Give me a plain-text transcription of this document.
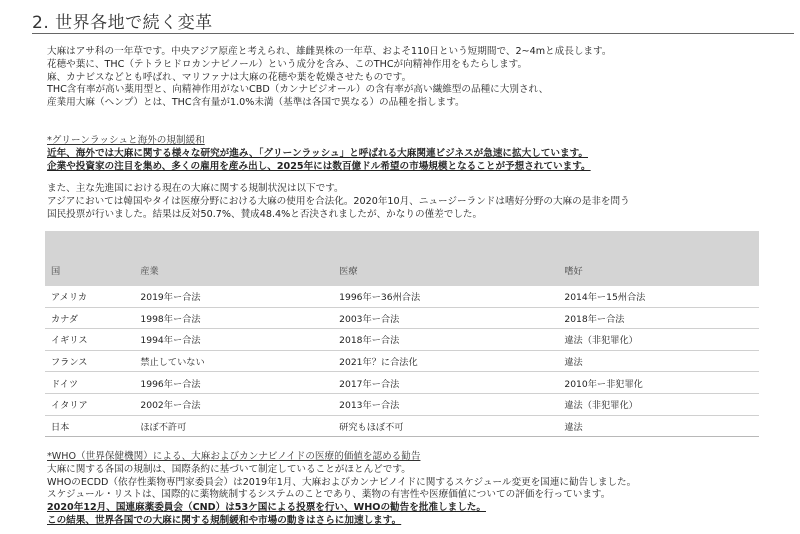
2. 世界各地で続く変革
大麻はアサ科の一年草です。中央アジア原産と考えられ、雄雌異株の一年草、およそ110日という短期間で、2~4mと成長します。
花穂や葉に、THC（テトラヒドロカンナビノール）という成分を含み、このTHCが向精神作用をもたらします。
麻、カナビスなどとも呼ばれ、マリファナは大麻の花穂や葉を乾燥させたものです。
THC含有率が高い薬用型と、向精神作用がないCBD（カンナビジオール）の含有率が高い繊維型の品種に大別され、
産業用大麻（ヘンプ）とは、THC含有量が1.0%未満（基準は各国で異なる）の品種を指します。
*グリーンラッシュと海外の規制緩和
近年、海外では大麻に関する様々な研究が進み、「グリーンラッシュ」と呼ばれる大麻関連ビジネスが急速に拡大しています。
企業や投資家の注目を集め、多くの雇用を産み出し、2025年には数百億ドル希望の市場規模となることが予想されています。
また、主な先進国における現在の大麻に関する規制状況は以下です。
アジアにおいては韓国やタイは医療分野における大麻の使用を合法化。2020年10月、ニュージーランドは嗜好分野の大麻の是非を問う
国民投票が行いました。結果は反対50.7%、賛成48.4%と否決されましたが、かなりの僅差でした。
国	産業	医療	嗜好
アメリカ	2019年ー合法	1996年ー36州合法	2014年ー15州合法
カナダ	1998年ー合法	2003年ー合法	2018年ー合法
イギリス	1994年ー合法	2018年ー合法	違法（非犯罪化）
フランス	禁止していない	2021年？に合法化	違法
ドイツ	1996年ー合法	2017年ー合法	2010年ー非犯罪化
イタリア	2002年ー合法	2013年ー合法	違法（非犯罪化）
日本	ほぼ不許可	研究もほぼ不可	違法
*WHO（世界保健機関）による、大麻およびカンナビノイドの医療的価値を認める勧告
大麻に関する各国の規制は、国際条約に基づいて制定していることがほとんどです。
WHOのECDD（依存性薬物専門家委員会）は2019年1月、大麻およびカンナビノイドに関するスケジュール変更を国連に勧告しました。
スケジュール・リストは、国際的に薬物統制するシステムのことであり、薬物の有害性や医療価値についての評価を行っています。
2020年12月、国連麻薬委員会（CND）は53ケ国による投票を行い、WHOの勧告を批准しました。
この結果、世界各国での大麻に関する規制緩和や市場の動きはさらに加速します。
